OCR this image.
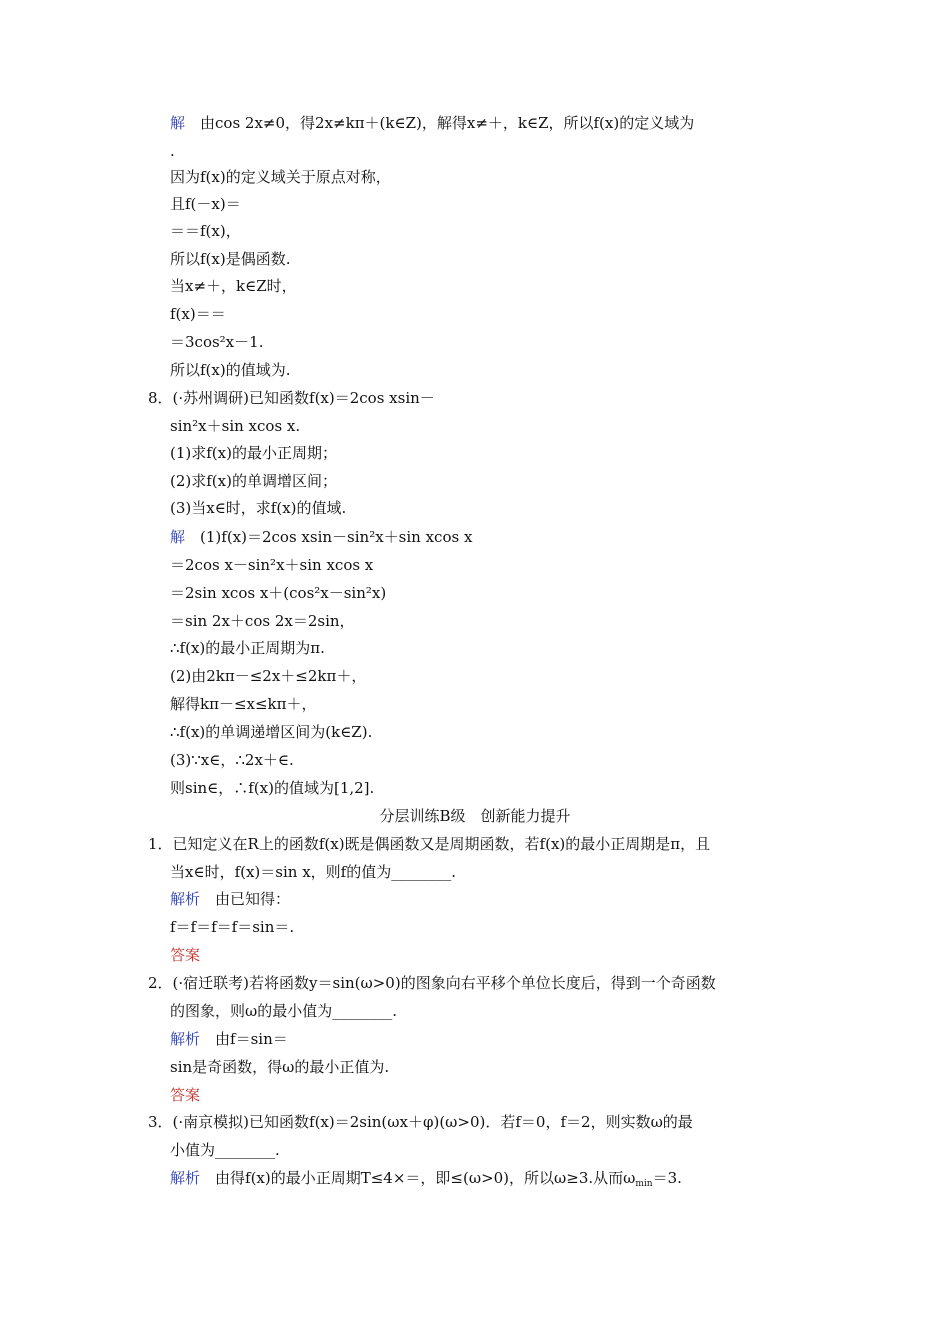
解　由cos 2x≠0，得2x≠kπ＋(k∈Z)，解得x≠＋，k∈Z，所以f(x)的定义域为
.
因为f(x)的定义域关于原点对称，
且f(－x)＝
＝＝f(x)，
所以f(x)是偶函数.
当x≠＋，k∈Z时，
f(x)＝＝
＝3cos²x－1.
所以f(x)的值域为.
8．(·苏州调研)已知函数f(x)＝2cos xsin－
sin²x＋sin xcos x.
(1)求f(x)的最小正周期；
(2)求f(x)的单调增区间；
(3)当x∈时，求f(x)的值域.
解　(1)f(x)＝2cos xsin－sin²x＋sin xcos x
＝2cos x－sin²x＋sin xcos x
＝2sin xcos x＋(cos²x－sin²x)
＝sin 2x＋cos 2x＝2sin，
∴f(x)的最小正周期为π.
(2)由2kπ－≤2x＋≤2kπ＋，
解得kπ－≤x≤kπ＋，
∴f(x)的单调递增区间为(k∈Z).
(3)∵x∈，∴2x＋∈.
则sin∈，∴f(x)的值域为[1,2].
分层训练B级　创新能力提升
1．已知定义在R上的函数f(x)既是偶函数又是周期函数，若f(x)的最小正周期是π，且
当x∈时，f(x)＝sin x，则f的值为________.
解析　由已知得：
f＝f＝f＝f＝sin＝.
答案
2．(·宿迁联考)若将函数y＝sin(ω>0)的图象向右平移个单位长度后，得到一个奇函数
的图象，则ω的最小值为________.
解析　由f＝sin＝
sin是奇函数，得ω的最小正值为.
答案
3．(·南京模拟)已知函数f(x)＝2sin(ωx＋φ)(ω>0)．若f＝0，f＝2，则实数ω的最
小值为________.
解析　由得f(x)的最小正周期T≤4×＝，即≤(ω>0)，所以ω≥3.从而$\omega_{min}=3$.
